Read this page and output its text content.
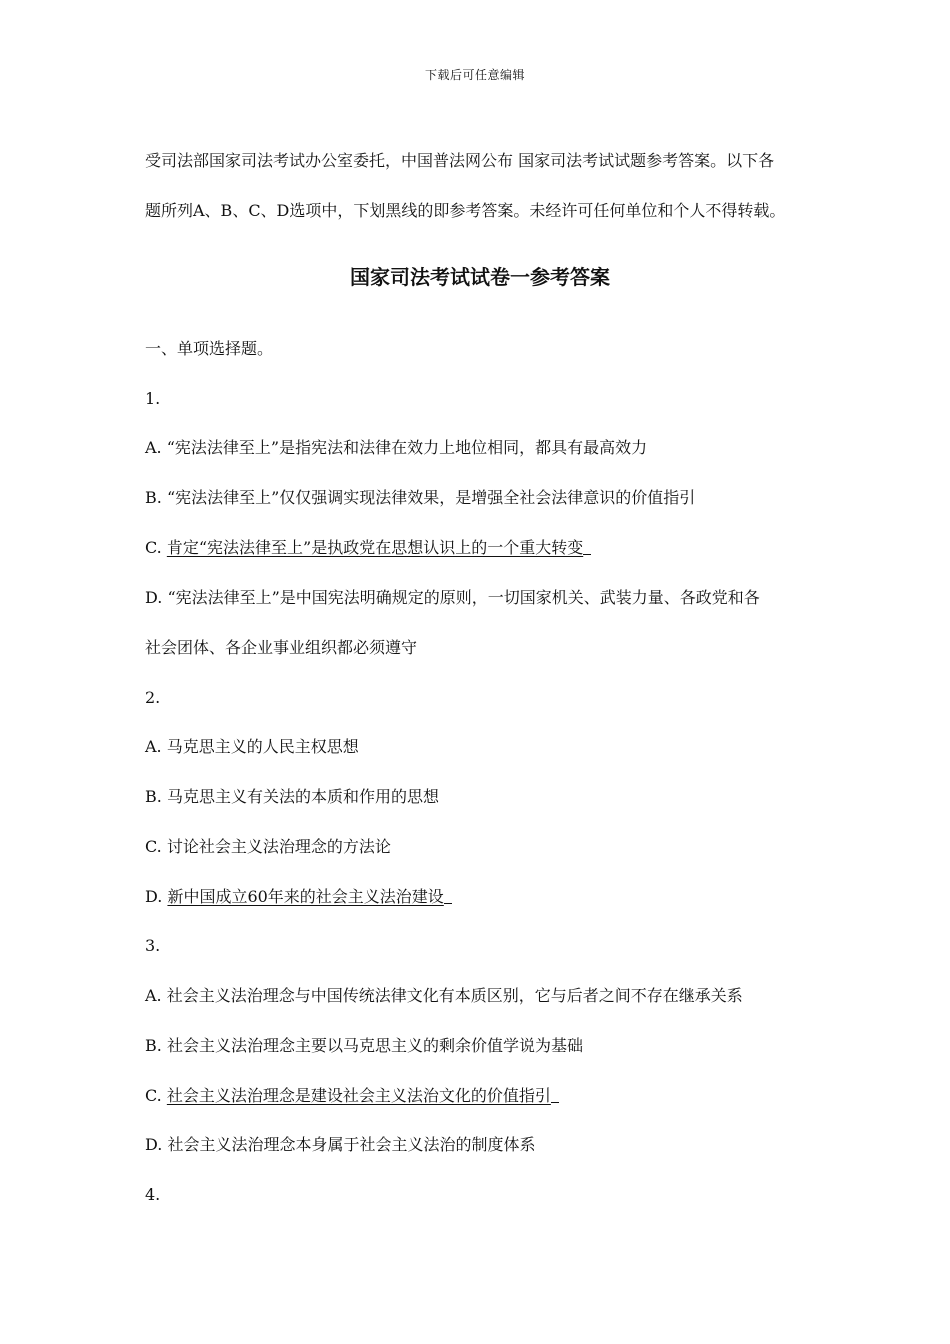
下载后可任意编辑
受司法部国家司法考试办公室委托，中国普法网公布 国家司法考试试题参考答案。以下各
题所列A、B、C、D选项中，下划黑线的即参考答案。未经许可任何单位和个人不得转载。
国家司法考试试卷一参考答案
一、单项选择题。
1.
A. “宪法法律至上”是指宪法和法律在效力上地位相同，都具有最高效力
B. “宪法法律至上”仅仅强调实现法律效果，是增强全社会法律意识的价值指引
C. 肯定“宪法法律至上”是执政党在思想认识上的一个重大转变
D. “宪法法律至上”是中国宪法明确规定的原则，一切国家机关、武装力量、各政党和各
社会团体、各企业事业组织都必须遵守
2.
A. 马克思主义的人民主权思想
B. 马克思主义有关法的本质和作用的思想
C. 讨论社会主义法治理念的方法论
D. 新中国成立60年来的社会主义法治建设
3.
A. 社会主义法治理念与中国传统法律文化有本质区别，它与后者之间不存在继承关系
B. 社会主义法治理念主要以马克思主义的剩余价值学说为基础
C. 社会主义法治理念是建设社会主义法治文化的价值指引
D. 社会主义法治理念本身属于社会主义法治的制度体系
4.
